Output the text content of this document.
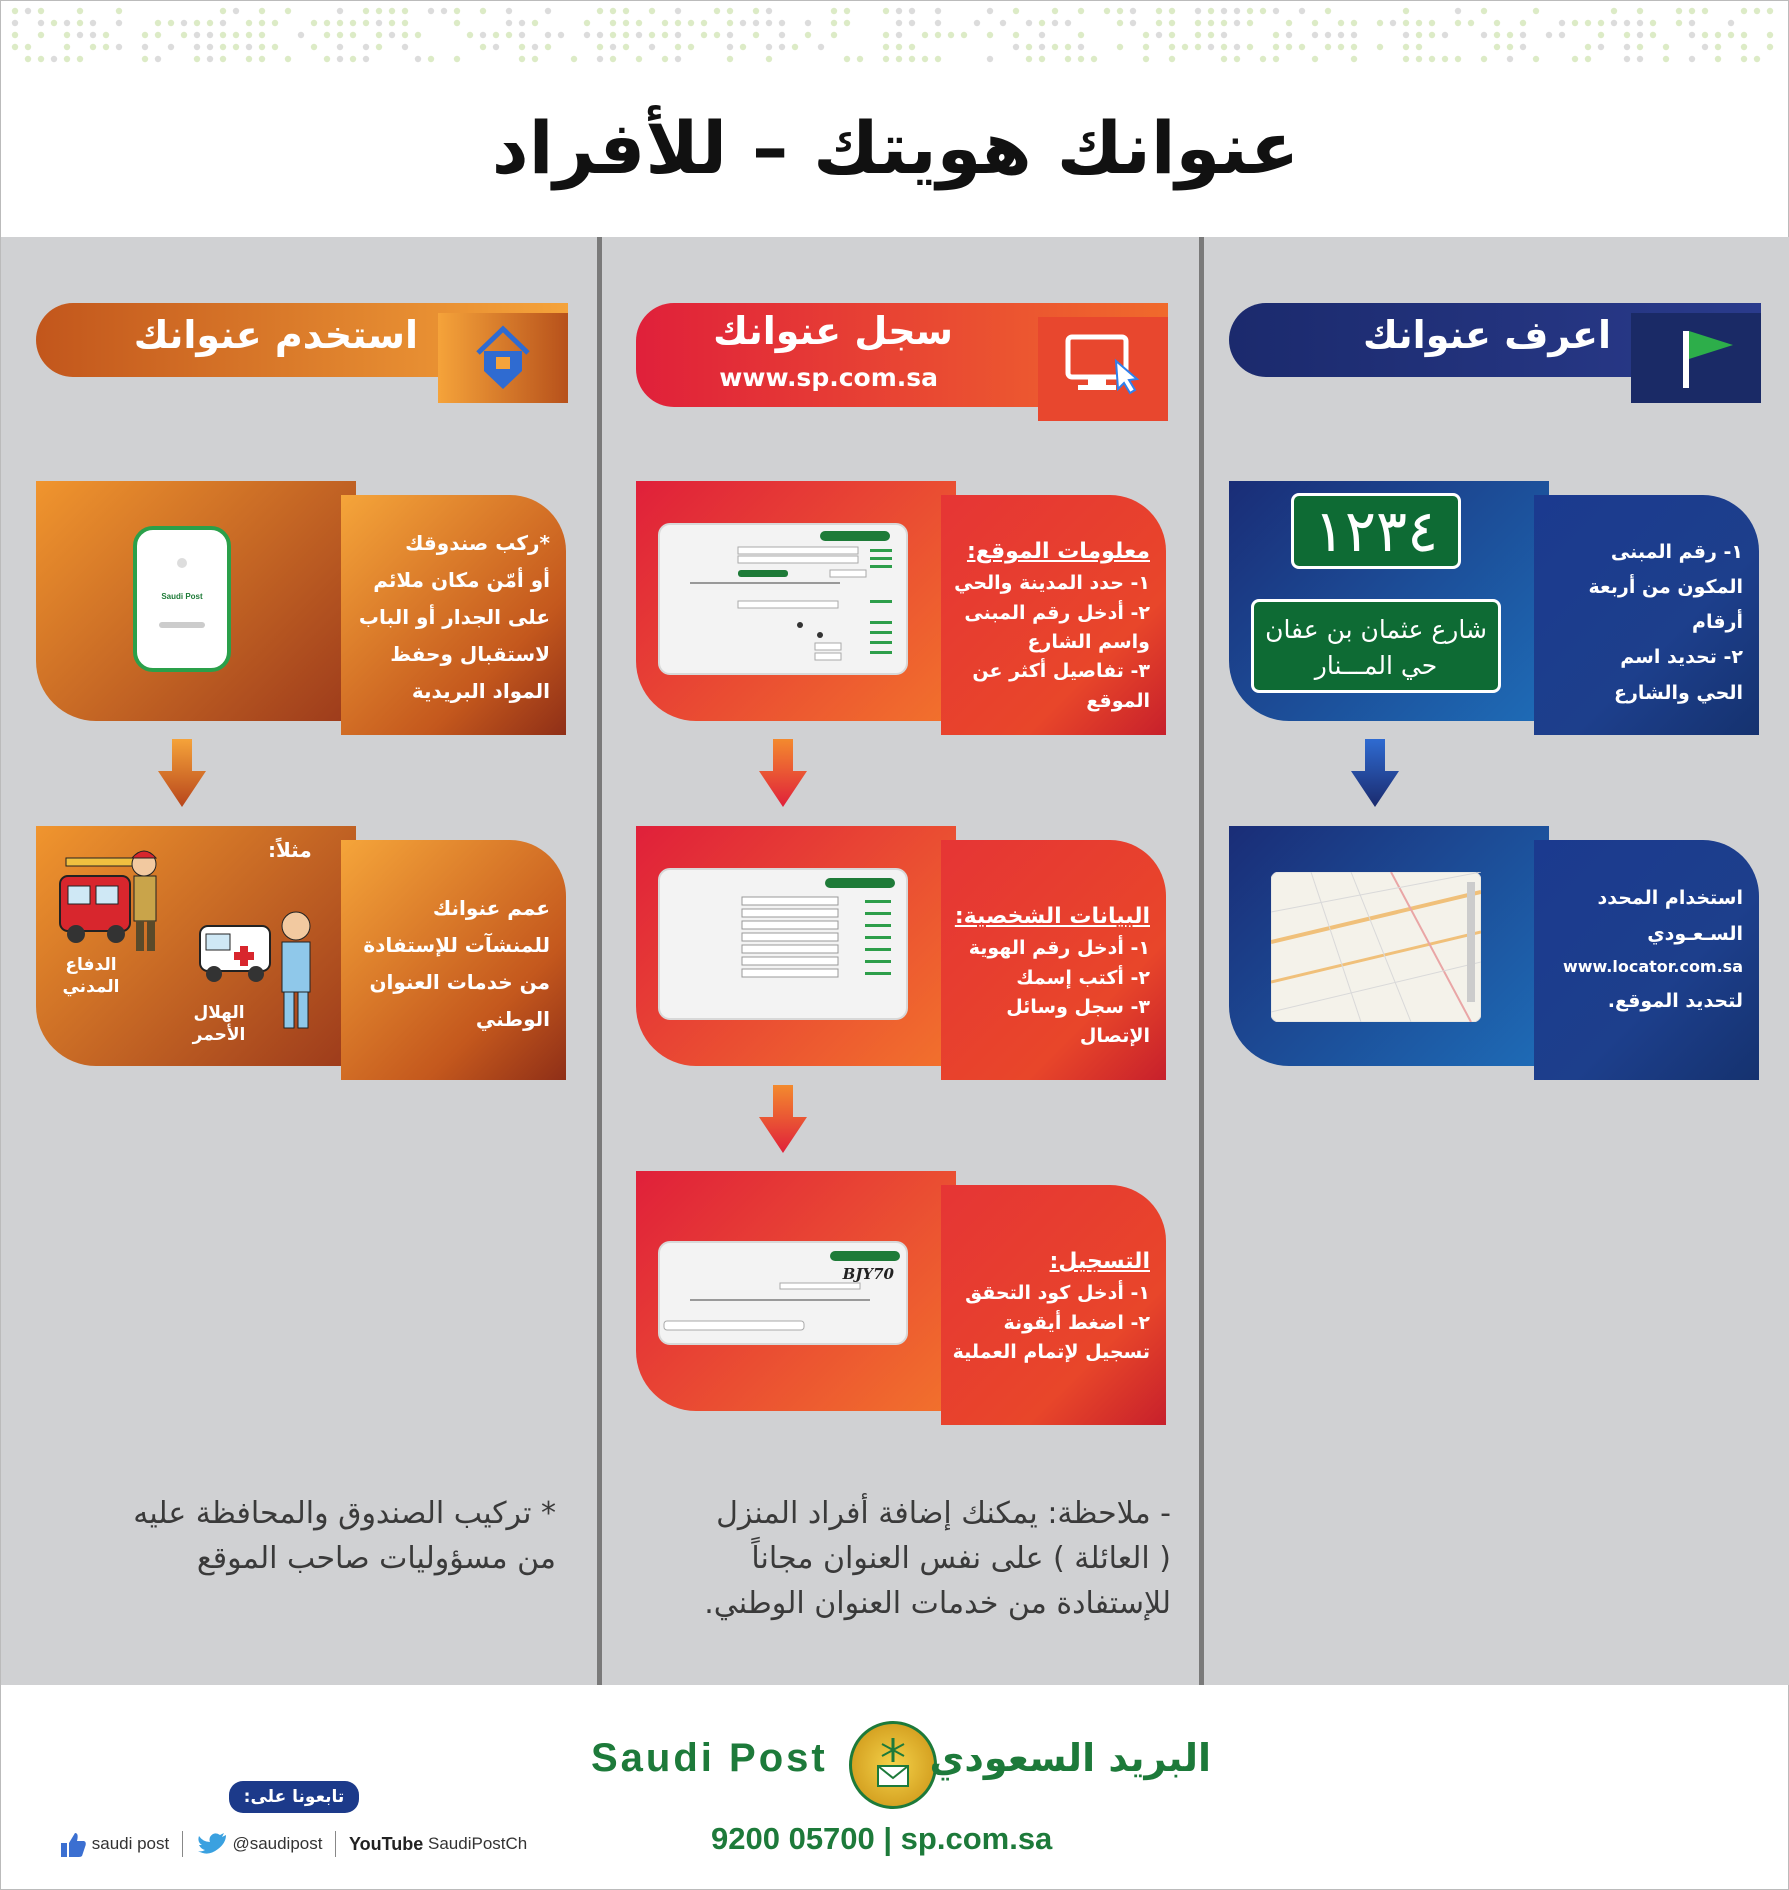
عنوانك هويتك – للأفراد
اعرف عنوانك
١٢٣٤
شارع عثمان بن عفان
حي المـــنار
١- رقم المبنى
المكون من أربعة
أرقام
٢- تحديد اسم
الحي والشارع
استخدام المحدد
السـعـودي
www.locator.com.sa
لتحديد الموقع.
سجل عنوانك
www.sp.com.sa
معلومات الموقع:
١- حدد المدينة والحي
٢- أدخل رقم المبنى واسم الشارع
٣- تفاصيل أكثر عن الموقع
البيانات الشخصية:
١- أدخل رقم الهوية
٢- أكتب إسمك
٣- سجل وسائل الإتصال
BJY70	التسجيل:
١- أدخل كود التحقق
٢- اضغط أيقونة تسجيل لإتمام العملية
- ملاحظة: يمكنك إضافة أفراد المنزل
( العائلة ) على نفس العنوان مجاناً
للإستفادة من خدمات العنوان الوطني.
استخدم عنوانك
Saudi Post
*ركب صندوقك
أو أمّن مكان ملائم
على الجدار أو الباب
لاستقبال وحفظ
المواد البريدية
مثلاً:
الدفاع المدني
الهلال الأحمر
عمم عنوانك
للمنشآت للإستفادة
من خدمات العنوان
الوطني
* تركيب الصندوق والمحافظة عليه
من مسؤوليات صاحب الموقع
Saudi Post	البريد السعودي
9200 05700 | sp.com.sa
تابعونا على:
saudi post	@saudipost YouTube SaudiPostCh
